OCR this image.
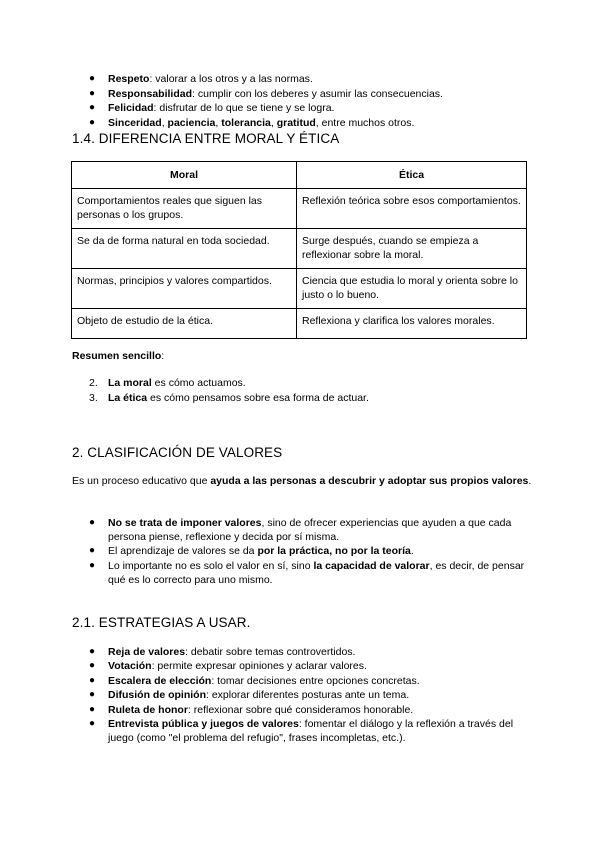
● Respeto: valorar a los otros y a las normas.
● Responsabilidad: cumplir con los deberes y asumir las consecuencias.
● Felicidad: disfrutar de lo que se tiene y se logra.
● Sinceridad, paciencia, tolerancia, gratitud, entre muchos otros.
1.4. DIFERENCIA ENTRE MORAL Y ÉTICA
Moral	Ética
Comportamientos reales que siguen las personas o los grupos.	Reflexión teórica sobre esos comportamientos.
Se da de forma natural en toda sociedad.	Surge después, cuando se empieza a reflexionar sobre la moral.
Normas, principios y valores compartidos.	Ciencia que estudia lo moral y orienta sobre lo justo o lo bueno.
Objeto de estudio de la ética.	Reflexiona y clarifica los valores morales.
Resumen sencillo:
2. La moral es cómo actuamos.
3. La ética es cómo pensamos sobre esa forma de actuar.
2. CLASIFICACIÓN DE VALORES
Es un proceso educativo que ayuda a las personas a descubrir y adoptar sus propios valores.
● No se trata de imponer valores, sino de ofrecer experiencias que ayuden a que cada persona piense, reflexione y decida por sí misma.
● El aprendizaje de valores se da por la práctica, no por la teoría.
● Lo importante no es solo el valor en sí, sino la capacidad de valorar, es decir, de pensar qué es lo correcto para uno mismo.
2.1. ESTRATEGIAS A USAR.
● Reja de valores: debatir sobre temas controvertidos.
● Votación: permite expresar opiniones y aclarar valores.
● Escalera de elección: tomar decisiones entre opciones concretas.
● Difusión de opinión: explorar diferentes posturas ante un tema.
● Ruleta de honor: reflexionar sobre qué consideramos honorable.
● Entrevista pública y juegos de valores: fomentar el diálogo y la reflexión a través del juego (como "el problema del refugio", frases incompletas, etc.).
